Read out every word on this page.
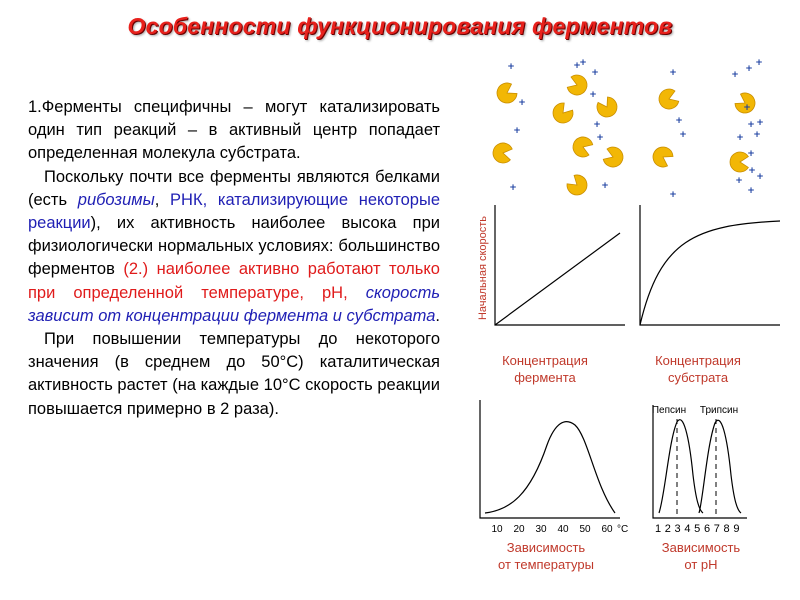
Особенности функционирования ферментов

1.Ферменты специфичны – могут катализировать один тип реакций – в активный центр попадает определенная молекула субстрата.

Поскольку почти все ферменты являются белками (есть рибозимы, РНК, катализирующие некоторые реакции), их активность наиболее высока при физиологически нормальных условиях: большинство ферментов (2.) наиболее активно работают только при определенной температуре, рН, скорость зависит от концентрации фермента и субстрата.

При повышении температуры до некоторого значения (в среднем до 50°С) каталитическая активность растет (на каждые 10°С скорость реакции повышается примерно в 2 раза).

+
+
+
+
+
+
+
+
+
+	+
+
+
+
+
+
+
+
+ +
+ +
+
+
+
+
+
+
Начальная скорость
Концентрация
фермента
Концентрация
субстрата
10 20 30 40 50 60 °С
Зависимость
от температуры
Пепсин Трипсин
1 2 3 4 5 6 7 8 9
Зависимость
от рН
